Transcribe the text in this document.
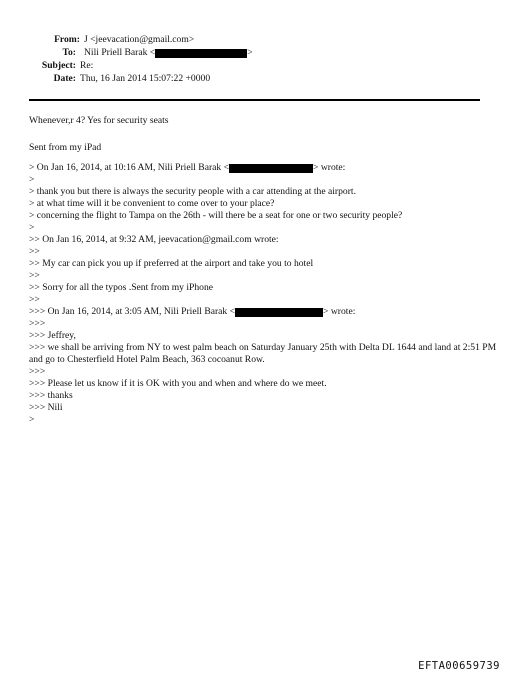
From: J <jeevacation@gmail.com>
To: Nili Priell Barak <	>
Subject: Re:
Date: Thu, 16 Jan 2014 15:07:22 +0000
Whenever,r 4? Yes for security seats
Sent from my iPad
> On Jan 16, 2014, at 10:16 AM, Nili Priell Barak <	> wrote:
>
> thank you but there is always the security people with a car attending at the airport.
> at what time will it be convenient to come over to your place?
> concerning the flight to Tampa on the 26th - will there be a seat for one or two security people?
>
>> On Jan 16, 2014, at 9:32 AM, jeevacation@gmail.com wrote:
>>
>> My car can pick you up if preferred at the airport and take you to hotel
>>
>> Sorry for all the typos .Sent from my iPhone
>>
>>> On Jan 16, 2014, at 3:05 AM, Nili Priell Barak <	> wrote:
>>>
>>> Jeffrey,
>>> we shall be arriving from NY to west palm beach on Saturday January 25th with Delta DL 1644 and land at 2:51 PM and go to Chesterfield Hotel Palm Beach, 363 cocoanut Row.
>>>
>>> Please let us know if it is OK with you and when and where do we meet.
>>> thanks
>>> Nili
>
EFTA00659739
